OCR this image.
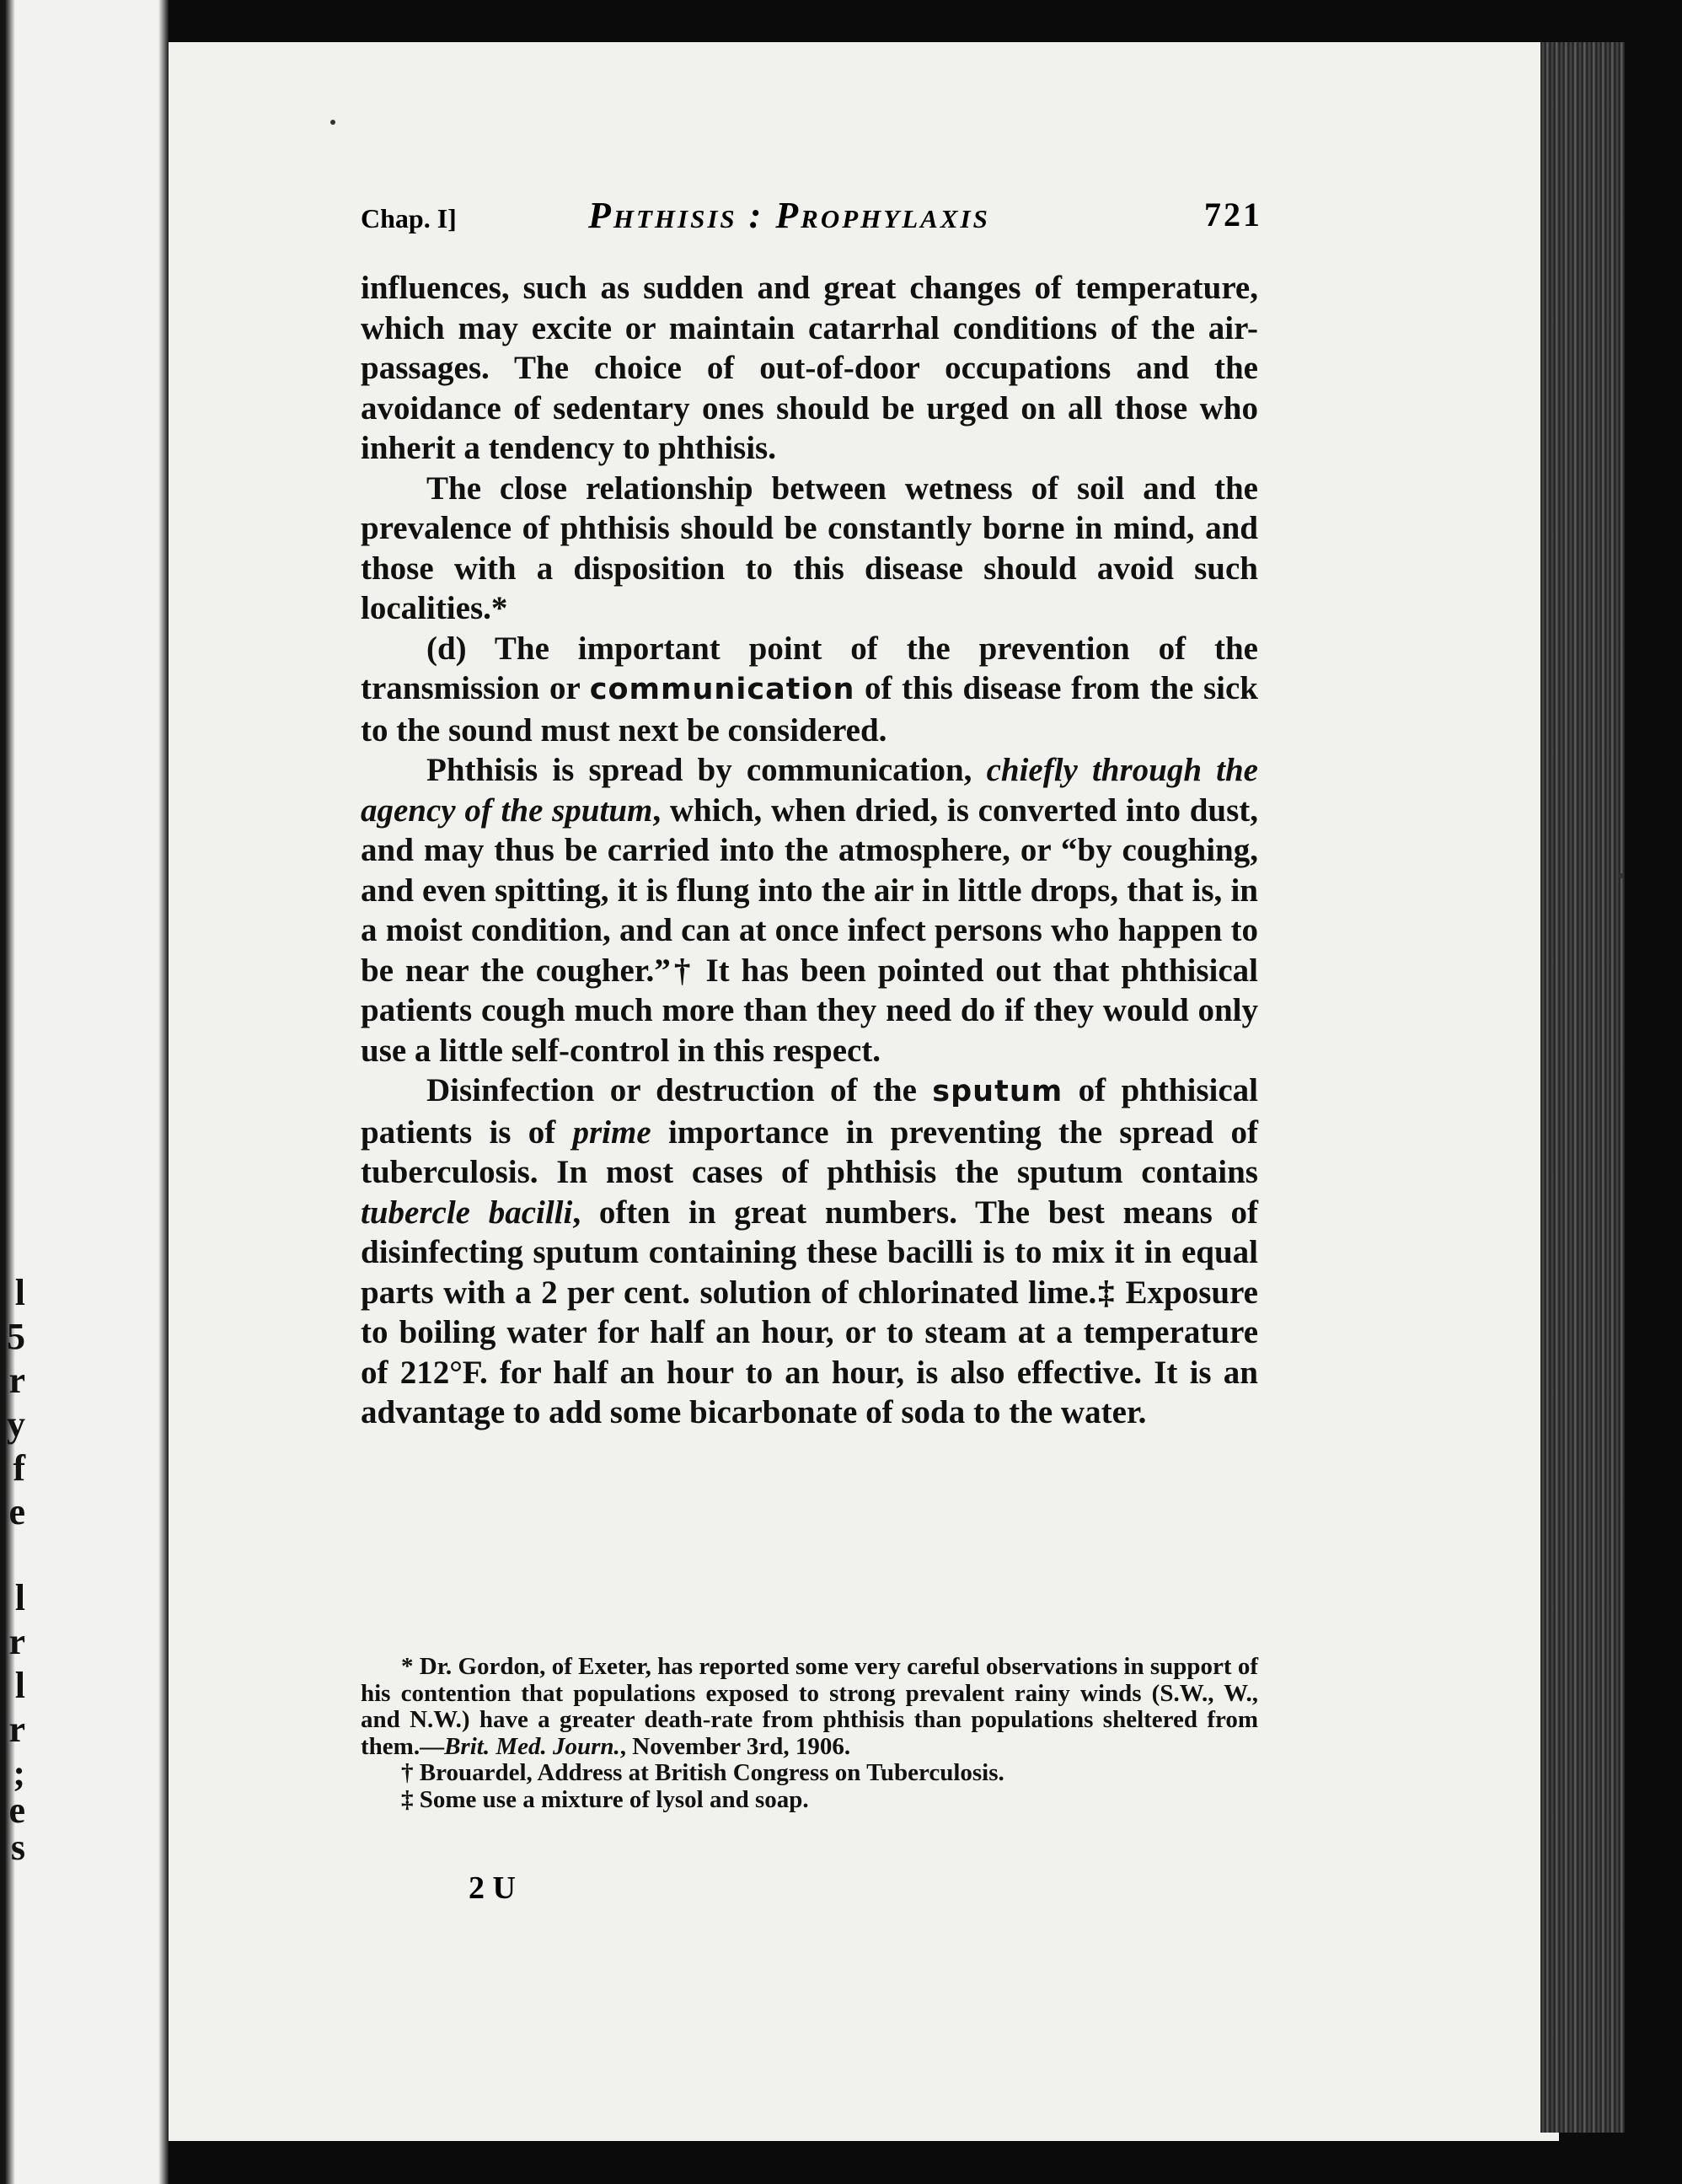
l
5
r
y
f
e
l
r
l
r
;
e
s
Chap. I]	Phthisis : Prophylaxis	721

influences, such as sudden and great changes of temperature, which may excite or maintain catarrhal conditions of the air-passages. The choice of out-of-door occupations and the avoidance of sedentary ones should be urged on all those who inherit a tendency to phthisis.

The close relationship between wetness of soil and the prevalence of phthisis should be constantly borne in mind, and those with a disposition to this disease should avoid such localities.*

(d) The important point of the prevention of the transmission or communication of this disease from the sick to the sound must next be considered.

Phthisis is spread by communication, chiefly through the agency of the sputum, which, when dried, is converted into dust, and may thus be carried into the atmosphere, or “by coughing, and even spitting, it is flung into the air in little drops, that is, in a moist condition, and can at once infect persons who happen to be near the cougher.”† It has been pointed out that phthisical patients cough much more than they need do if they would only use a little self-control in this respect.

Disinfection or destruction of the sputum of phthisical patients is of prime importance in preventing the spread of tuberculosis. In most cases of phthisis the sputum contains tubercle bacilli, often in great numbers. The best means of disinfecting sputum containing these bacilli is to mix it in equal parts with a 2 per cent. solution of chlorinated lime.‡ Exposure to boiling water for half an hour, or to steam at a temperature of 212°F. for half an hour to an hour, is also effective. It is an advantage to add some bicarbonate of soda to the water.

* Dr. Gordon, of Exeter, has reported some very careful observations in support of his contention that populations exposed to strong prevalent rainy winds (S.W., W., and N.W.) have a greater death-rate from phthisis than populations sheltered from them.—Brit. Med. Journ., November 3rd, 1906.

† Brouardel, Address at British Congress on Tuberculosis.

‡ Some use a mixture of lysol and soap.

2 U
